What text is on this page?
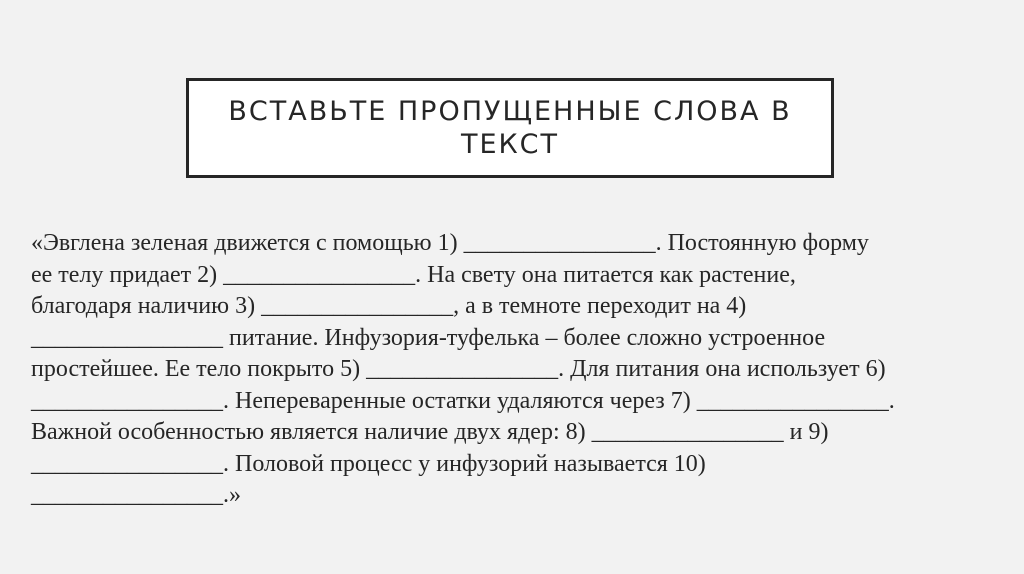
ВСТАВЬТЕ ПРОПУЩЕННЫЕ СЛОВА В ТЕКСТ
«Эвглена зеленая движется с помощью 1) ________________. Постоянную форму
ее телу придает 2) ________________. На свету она питается как растение,
благодаря наличию 3) ________________, а в темноте переходит на 4)
________________ питание. Инфузория-туфелька – более сложно устроенное
простейшее. Ее тело покрыто 5) ________________. Для питания она использует 6)
________________. Непереваренные остатки удаляются через 7) ________________.
Важной особенностью является наличие двух ядер: 8) ________________ и 9)
________________. Половой процесс у инфузорий называется 10)
________________.»
